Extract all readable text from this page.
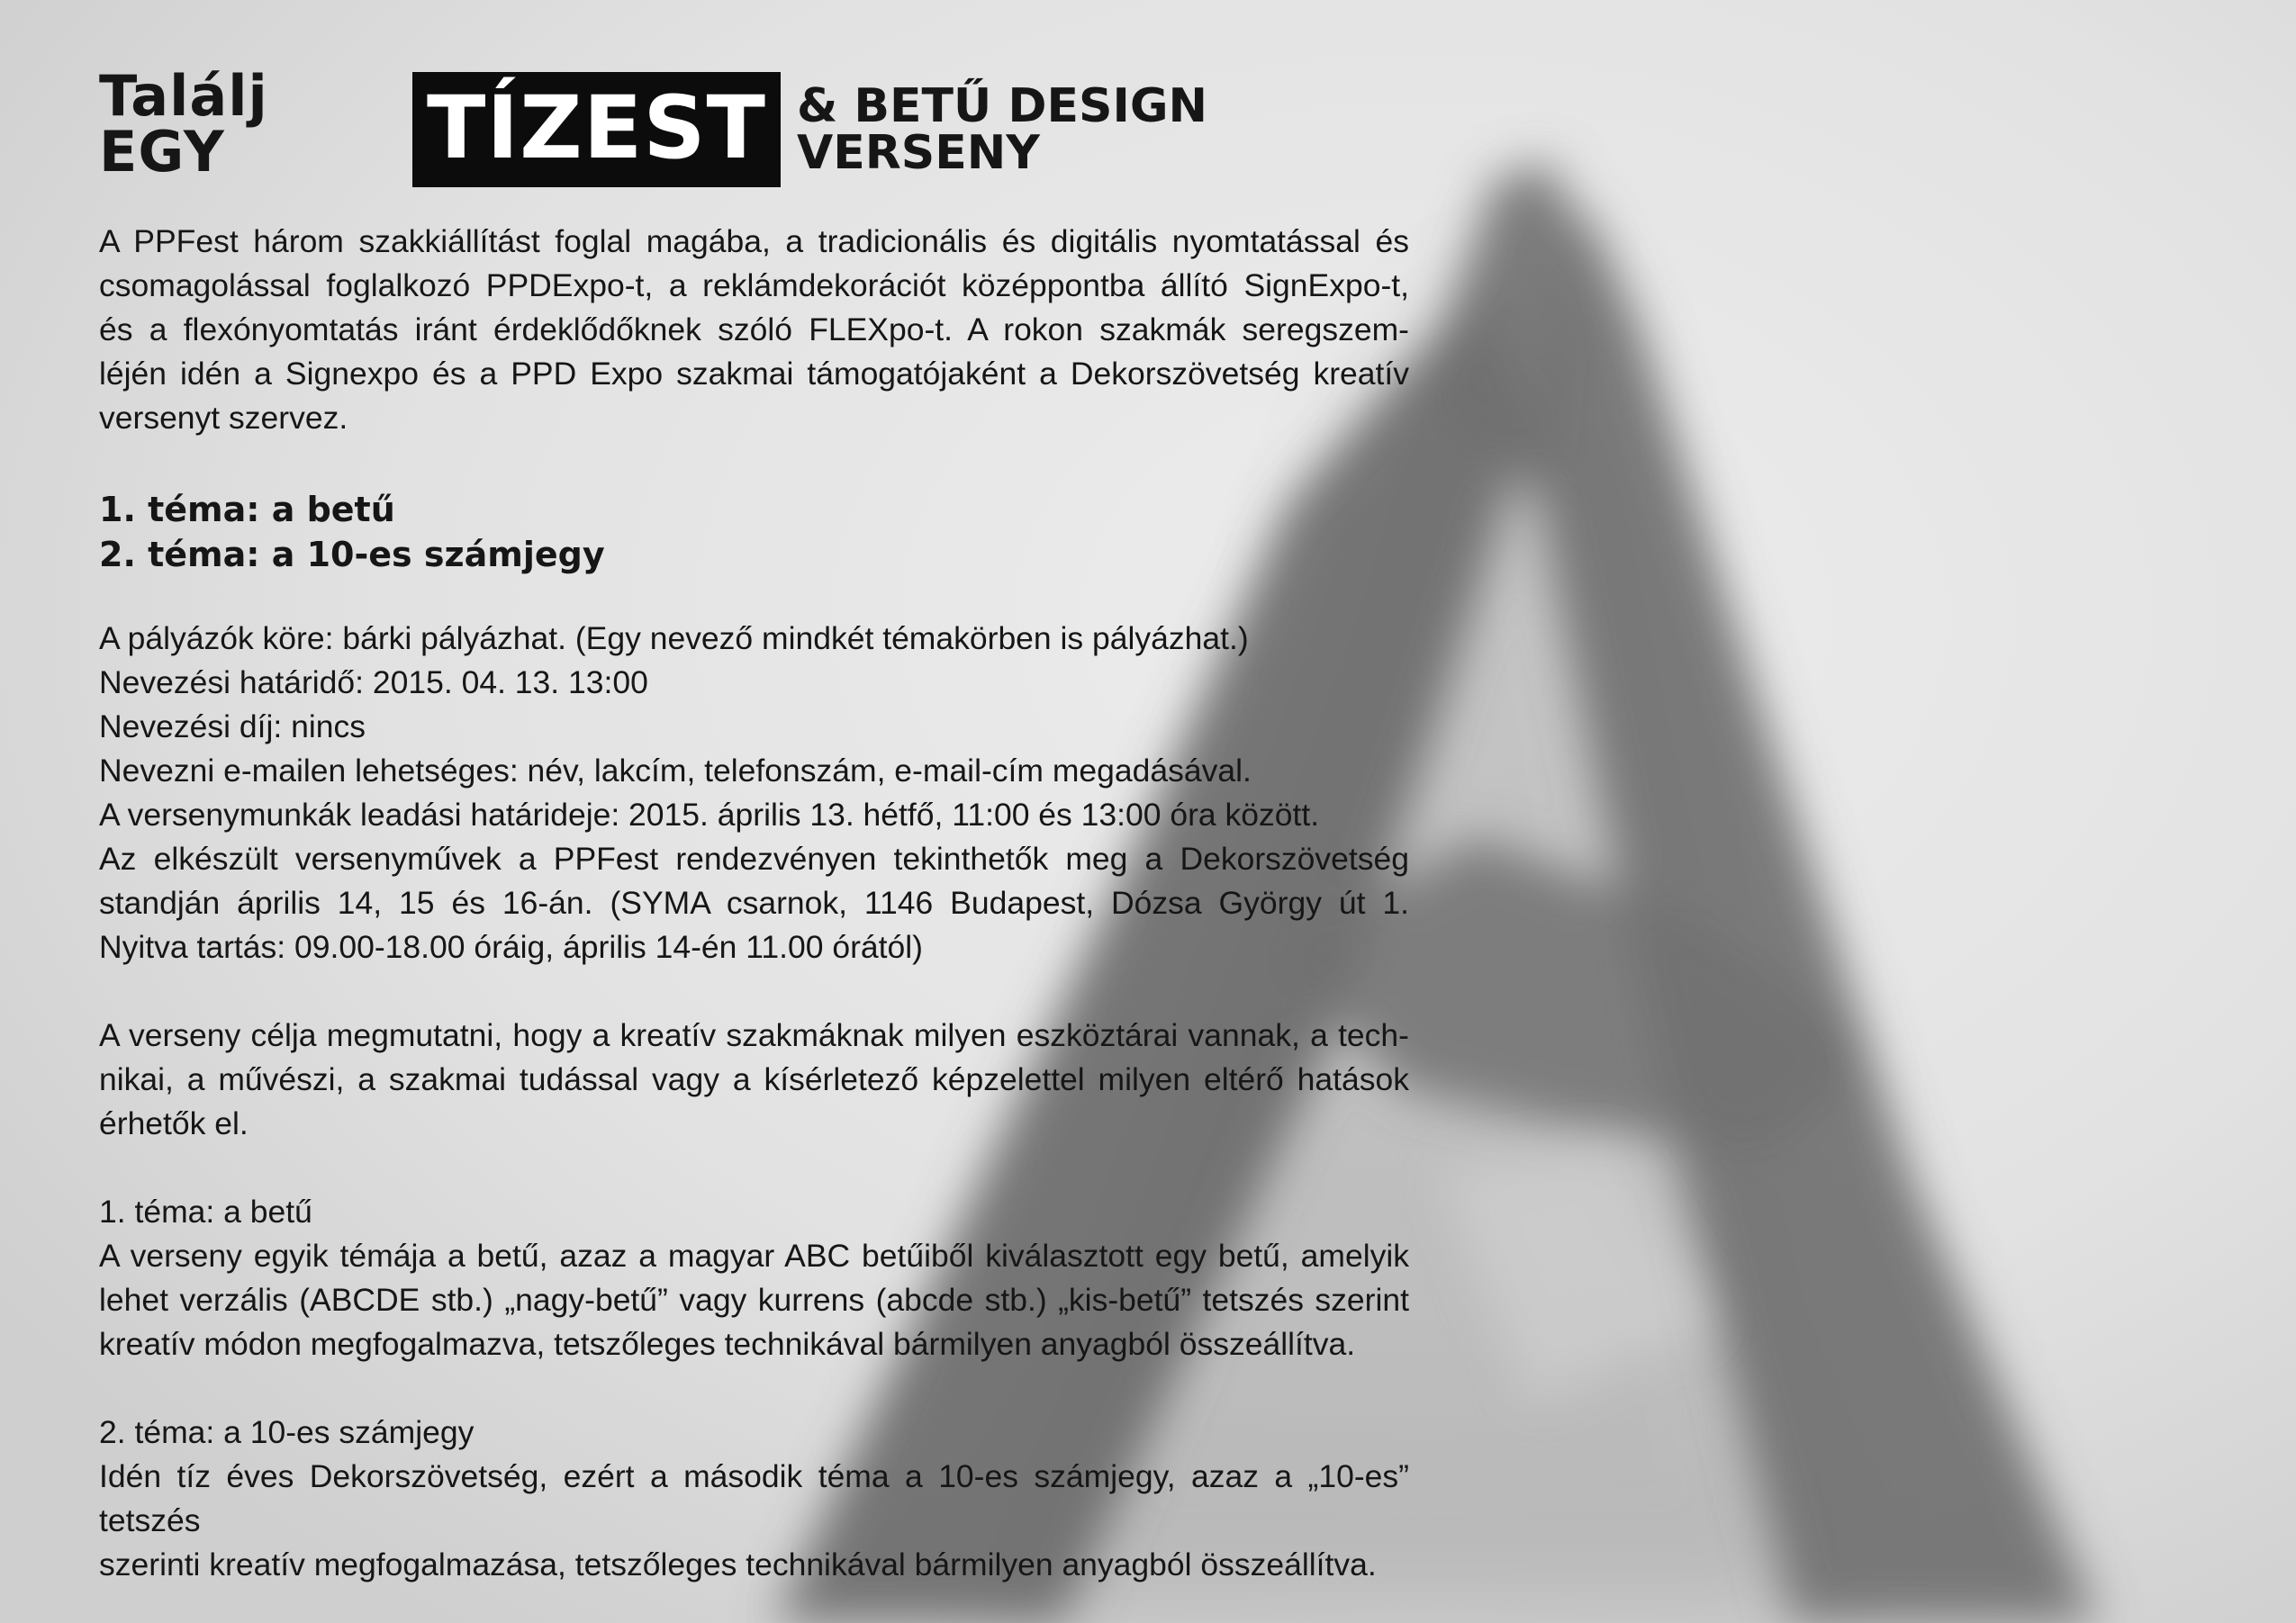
Találj EGY	TÍZEST & BETŰ DESIGN VERSENY

A PPFest három szakkiállítást foglal magába, a tradicionális és digitális nyomtatással és
csomagolással foglalkozó PPDExpo-t, a reklámdekorációt középpontba állító SignExpo-t,
és a flexónyomtatás iránt érdeklődőknek szóló FLEXpo-t. A rokon szakmák seregszem-
léjén idén a Signexpo és a PPD Expo szakmai támogatójaként a Dekorszövetség kreatív
versenyt szervez.

1. téma: a betű
2. téma: a 10-es számjegy

A pályázók köre: bárki pályázhat. (Egy nevező mindkét témakörben is pályázhat.)
Nevezési határidő: 2015. 04. 13. 13:00
Nevezési díj: nincs
Nevezni e-mailen lehetséges: név, lakcím, telefonszám, e-mail-cím megadásával.
A versenymunkák leadási határideje: 2015. április 13. hétfő, 11:00 és 13:00 óra között.
Az elkészült versenyművek a PPFest rendezvényen tekinthetők meg a Dekorszövetség
standján április 14, 15 és 16-án. (SYMA csarnok, 1146 Budapest, Dózsa György út 1.
Nyitva tartás: 09.00-18.00 óráig, április 14-én 11.00 órától)

A verseny célja megmutatni, hogy a kreatív szakmáknak milyen eszköztárai vannak, a tech-
nikai, a művészi, a szakmai tudással vagy a kísérletező képzelettel milyen eltérő hatások
érhetők el.

1. téma: a betű
A verseny egyik témája a betű, azaz a magyar ABC betűiből kiválasztott egy betű, amelyik
lehet verzális (ABCDE stb.) „nagy-betű” vagy kurrens (abcde stb.) „kis-betű” tetszés szerint
kreatív módon megfogalmazva, tetszőleges technikával bármilyen anyagból összeállítva.

2. téma: a 10-es számjegy
Idén tíz éves Dekorszövetség, ezért a második téma a 10-es számjegy, azaz a „10-es” tetszés
szerinti kreatív megfogalmazása, tetszőleges technikával bármilyen anyagból összeállítva.
